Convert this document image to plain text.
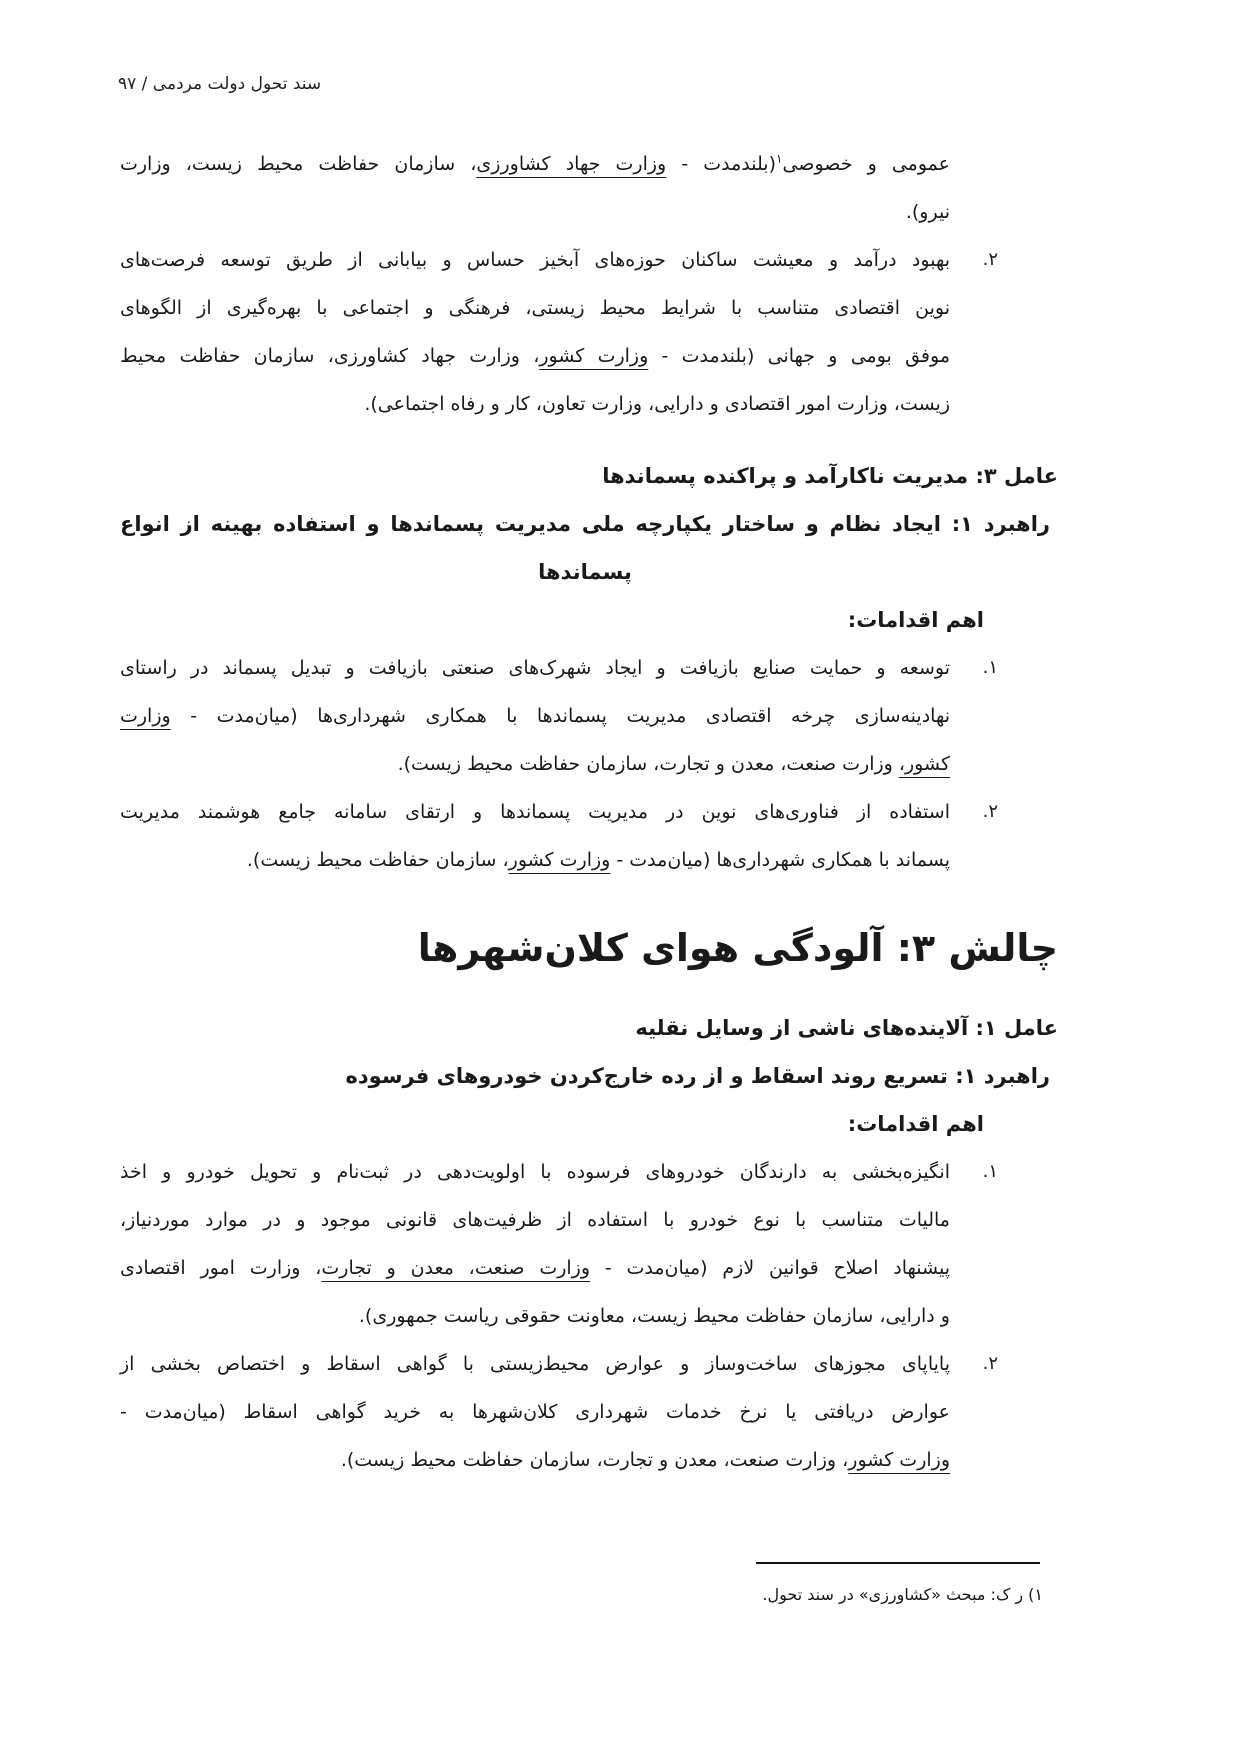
سند تحول دولت مردمی / ۹۷
عمومی و خصوصی$^۱$(بلندمدت - وزارت جهاد کشاورزی، سازمان حفاظت محیط زیست، وزارت
نیرو).
۲.
بهبود درآمد و معیشت ساکنان حوزه‌های آبخیز حساس و بیابانی از طریق توسعه فرصت‌های
نوین اقتصادی متناسب با شرایط محیط زیستی، فرهنگی و اجتماعی با بهره‌گیری از الگوهای
موفق بومی و جهانی (بلندمدت - وزارت کشور، وزارت جهاد کشاورزی، سازمان حفاظت محیط
زیست، وزارت امور اقتصادی و دارایی، وزارت تعاون، کار و رفاه اجتماعی).
عامل ۳: مدیریت ناکارآمد و پراکنده پسماندها
راهبرد ۱: ایجاد نظام و ساختار یکپارچه ملی مدیریت پسماندها و استفاده بهینه از انواع
پسماندها
اهم اقدامات:
۱.
توسعه و حمایت صنایع بازیافت و ایجاد شهرک‌های صنعتی بازیافت و تبدیل پسماند در راستای
نهادینه‌سازی چرخه اقتصادی مدیریت پسماندها با همکاری شهرداری‌ها (میان‌مدت - وزارت
کشور، وزارت صنعت، معدن و تجارت، سازمان حفاظت محیط زیست).
۲.
استفاده از فناوری‌های نوین در مدیریت پسماندها و ارتقای سامانه جامع هوشمند مدیریت
پسماند با همکاری شهرداری‌ها (میان‌مدت - وزارت کشور، سازمان حفاظت محیط زیست).
چالش ۳: آلودگی هوای کلان‌شهرها
عامل ۱: آلاینده‌های ناشی از وسایل نقلیه
راهبرد ۱: تسریع روند اسقاط و از رده خارج‌کردن خودروهای فرسوده
اهم اقدامات:
۱.
انگیزه‌بخشی به دارندگان خودروهای فرسوده با اولویت‌دهی در ثبت‌نام و تحویل خودرو و اخذ
مالیات متناسب با نوع خودرو با استفاده از ظرفیت‌های قانونی موجود و در موارد موردنیاز،
پیشنهاد اصلاح قوانین لازم (میان‌مدت - وزارت صنعت، معدن و تجارت، وزارت امور اقتصادی
و دارایی، سازمان حفاظت محیط زیست، معاونت حقوقی ریاست جمهوری).
۲.
پایاپای مجوزهای ساخت‌وساز و عوارض محیط‌زیستی با گواهی اسقاط و اختصاص بخشی از
عوارض دریافتی یا نرخ خدمات شهرداری کلان‌شهرها به خرید گواهی اسقاط (میان‌مدت -
وزارت کشور، وزارت صنعت، معدن و تجارت، سازمان حفاظت محیط زیست).
۱) ر ک: مبحث «کشاورزی» در سند تحول.
